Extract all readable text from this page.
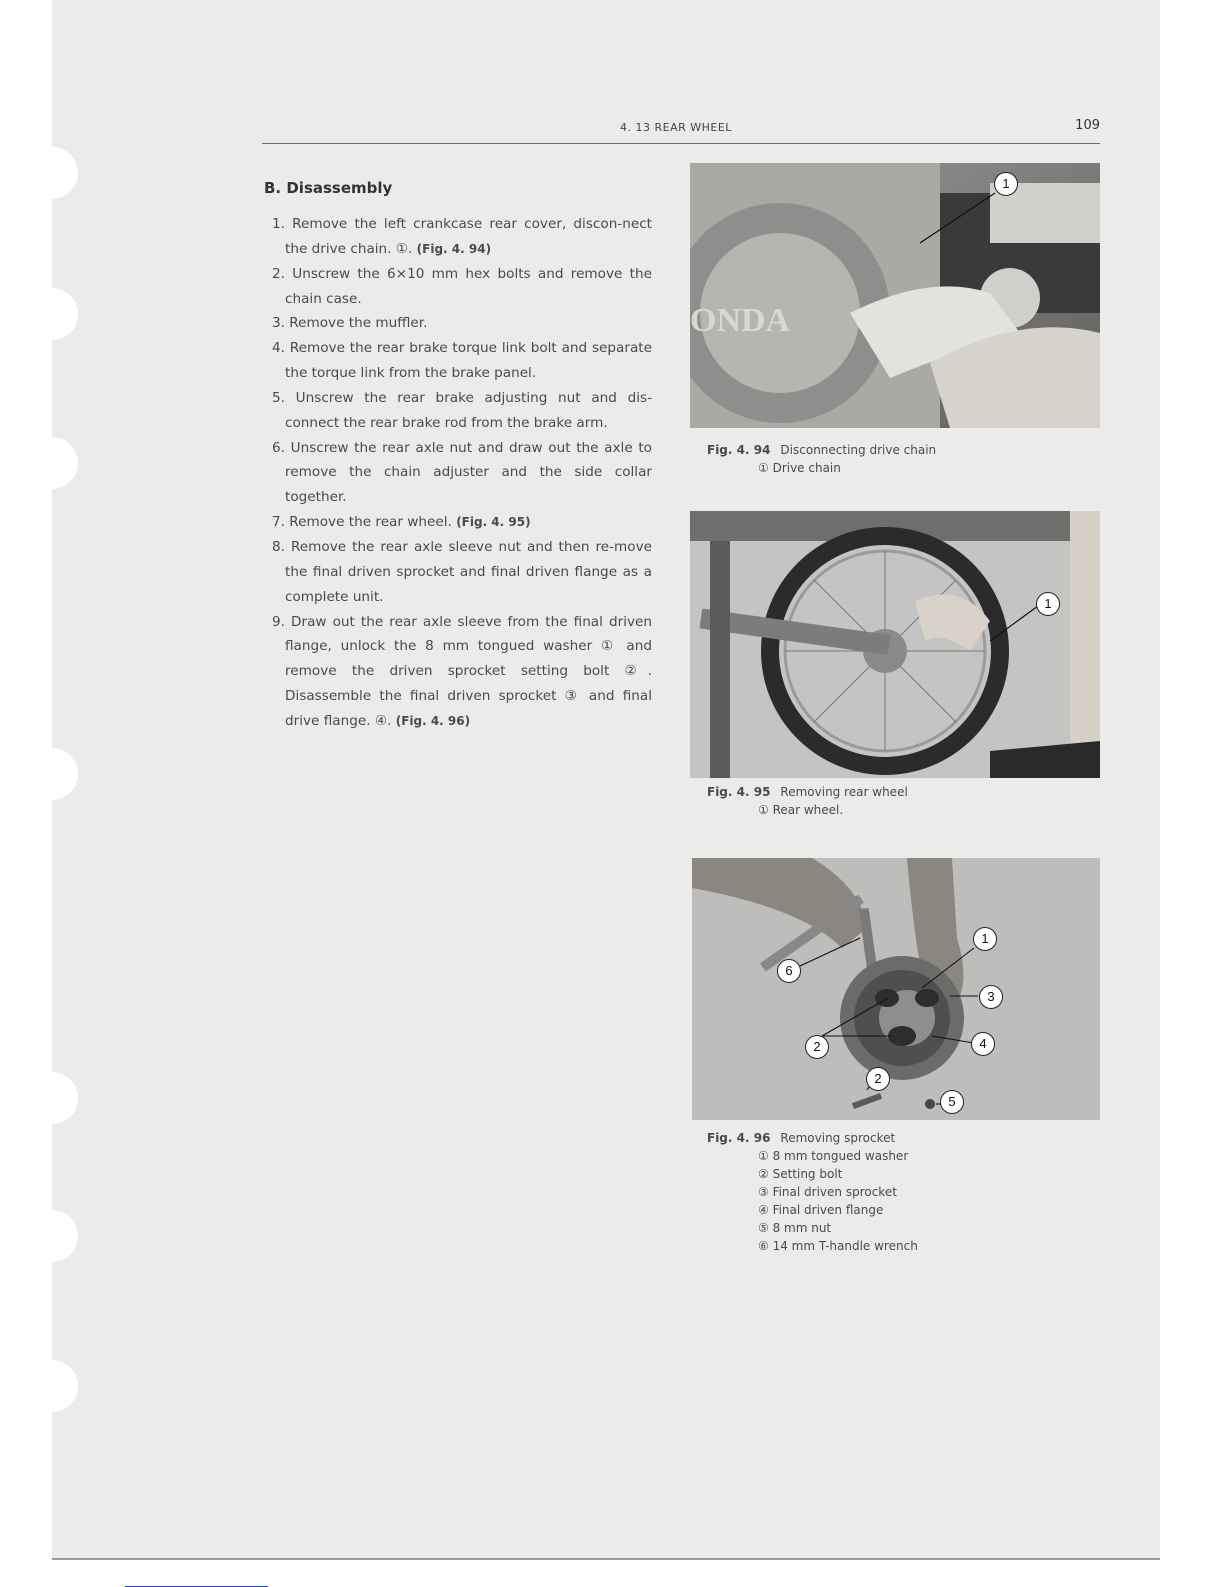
4. 13 REAR WHEEL	109
B. Disassembly

1. Remove the left crankcase rear cover, discon-nect the drive chain. ①. (Fig. 4. 94)

2. Unscrew the 6×10 mm hex bolts and remove the chain case.

3. Remove the muffler.

4. Remove the rear brake torque link bolt and separate the torque link from the brake panel.

5. Unscrew the rear brake adjusting nut and dis-connect the rear brake rod from the brake arm.

6. Unscrew the rear axle nut and draw out the axle to remove the chain adjuster and the side collar together.

7. Remove the rear wheel. (Fig. 4. 95)

8. Remove the rear axle sleeve nut and then re-move the final driven sprocket and final driven flange as a complete unit.

9. Draw out the rear axle sleeve from the final driven flange, unlock the 8 mm tongued washer ① and remove the driven sprocket setting bolt ②. Disassemble the final driven sprocket ③ and final drive flange. ④. (Fig. 4. 96)

ONDA
1
Fig. 4. 94 Disconnecting drive chain
① Drive chain
1
Fig. 4. 95 Removing rear wheel
① Rear wheel.
1
6
3
2	4
2
5
Fig. 4. 96 Removing sprocket
① 8 mm tongued washer
② Setting bolt
③ Final driven sprocket
④ Final driven flange
⑤ 8 mm nut
⑥ 14 mm T-handle wrench
